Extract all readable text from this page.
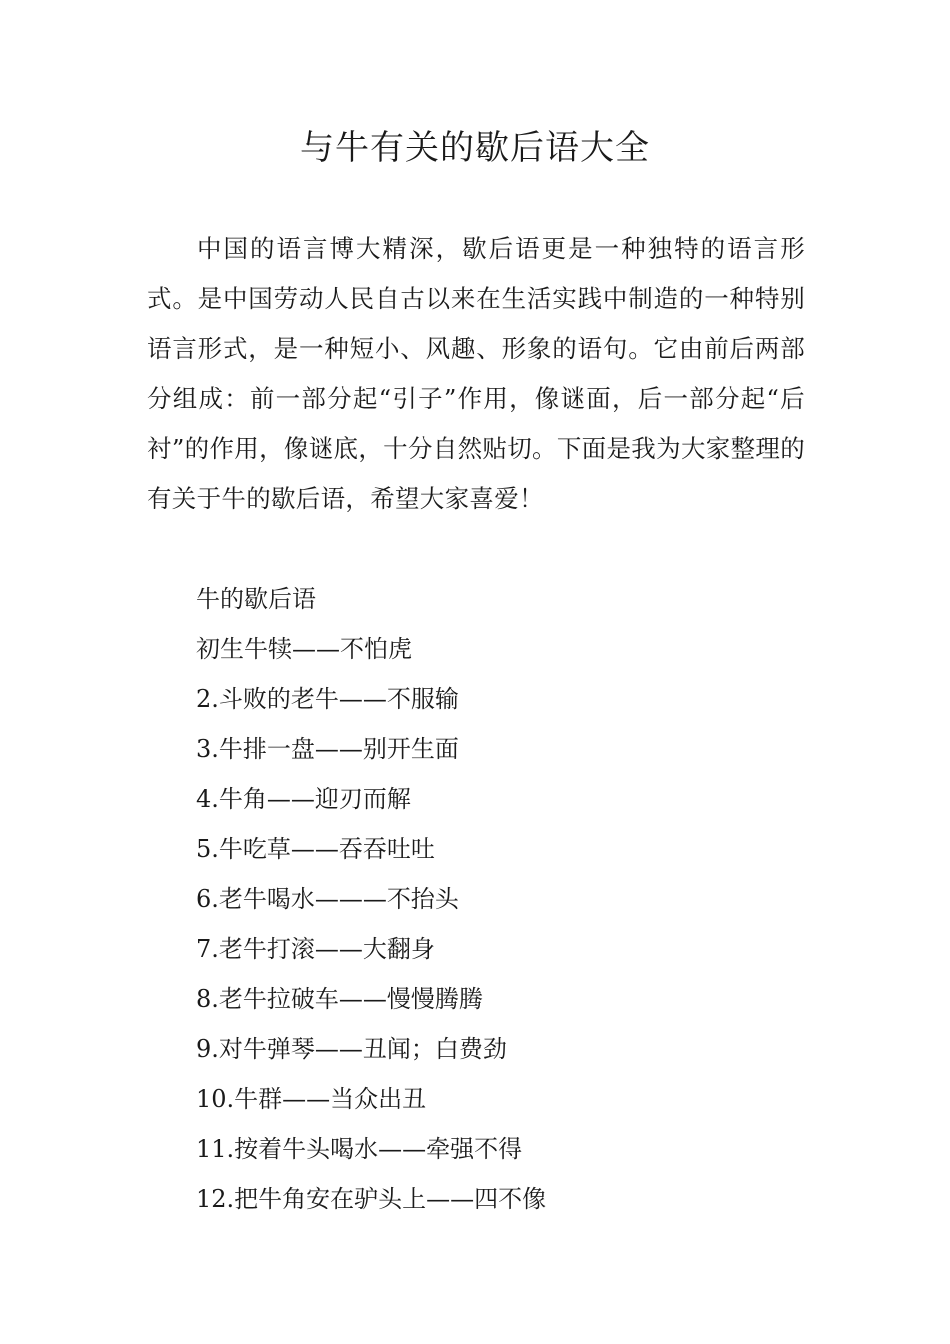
与牛有关的歇后语大全

中国的语言博大精深，歇后语更是一种独特的语言形式。是中国劳动人民自古以来在生活实践中制造的一种特别语言形式，是一种短小、风趣、形象的语句。它由前后两部分组成：前一部分起“引子”作用，像谜面，后一部分起“后衬”的作用，像谜底，十分自然贴切。下面是我为大家整理的有关于牛的歇后语，希望大家喜爱！

牛的歇后语
初生牛犊——不怕虎
2.斗败的老牛——不服输
3.牛排一盘——别开生面
4.牛角——迎刃而解
5.牛吃草——吞吞吐吐
6.老牛喝水———不抬头
7.老牛打滚——大翻身
8.老牛拉破车——慢慢腾腾
9.对牛弹琴——丑闻；白费劲
10.牛群——当众出丑
11.按着牛头喝水——牵强不得
12.把牛角安在驴头上——四不像
